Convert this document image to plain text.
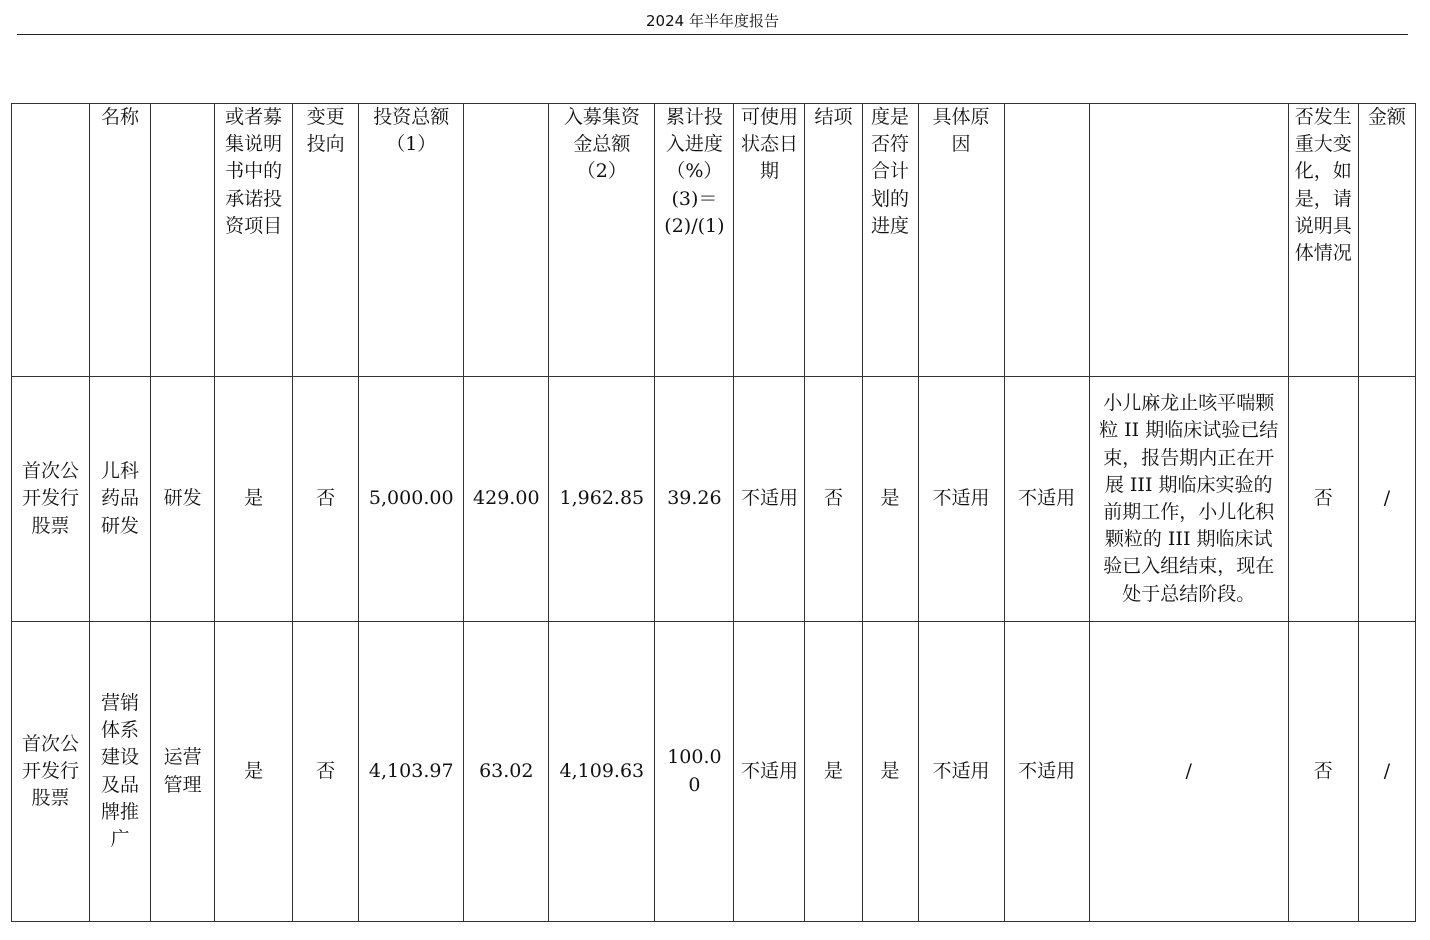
2024 年半年度报告
	名称		或者募集说明书中的承诺投资项目	变更投向	投资总额 （1）		入募集资金总额（2）	累计投入进度（%）(3)＝(2)/(1)	可使用状态日期	结项	度是否符合计划的进度	具体原因			否发生重大变化，如是，请说明具体情况	金额
首次公开发行股票	儿科药品研发	研发	是	否	5,000.00	429.00	1,962.85	39.26	不适用	否	是	不适用	不适用	小儿麻龙止咳平喘颗粒 II 期临床试验已结束，报告期内正在开展 III 期临床实验的前期工作，小儿化积颗粒的 III 期临床试验已入组结束，现在处于总结阶段。	否	/
首次公开发行股票	营销体系建设及品牌推广	运营管理	是	否	4,103.97	63.02	4,109.63	100.00	不适用	是	是	不适用	不适用	/	否	/
